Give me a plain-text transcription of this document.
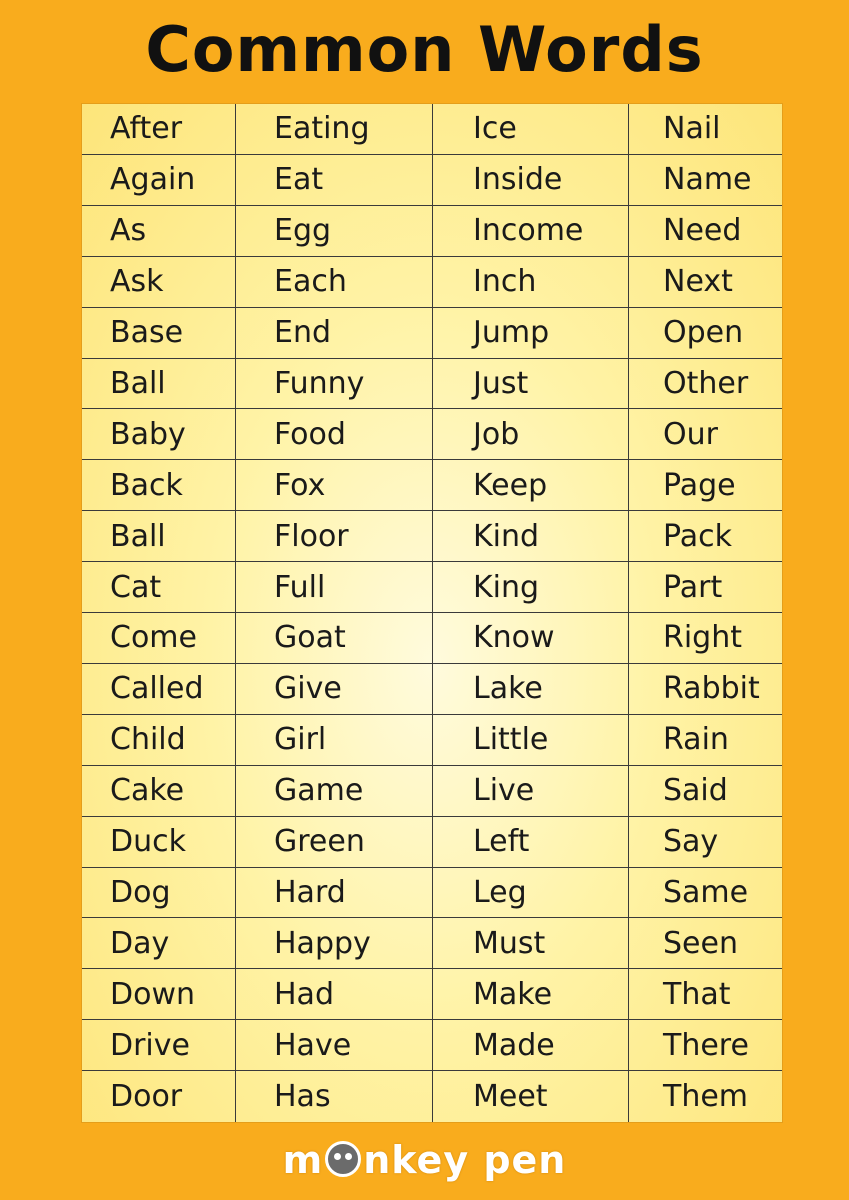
Common Words
After	Eating	Ice	Nail
Again	Eat	Inside	Name
As	Egg	Income	Need
Ask	Each	Inch	Next
Base	End	Jump	Open
Ball	Funny	Just	Other
Baby	Food	Job	Our
Back	Fox	Keep	Page
Ball	Floor	Kind	Pack
Cat	Full	King	Part
Come	Goat	Know	Right
Called	Give	Lake	Rabbit
Child	Girl	Little	Rain
Cake	Game	Live	Said
Duck	Green	Left	Say
Dog	Hard	Leg	Same
Day	Happy	Must	Seen
Down	Had	Make	That
Drive	Have	Made	There
Door	Has	Meet	Them
m nkey pen
